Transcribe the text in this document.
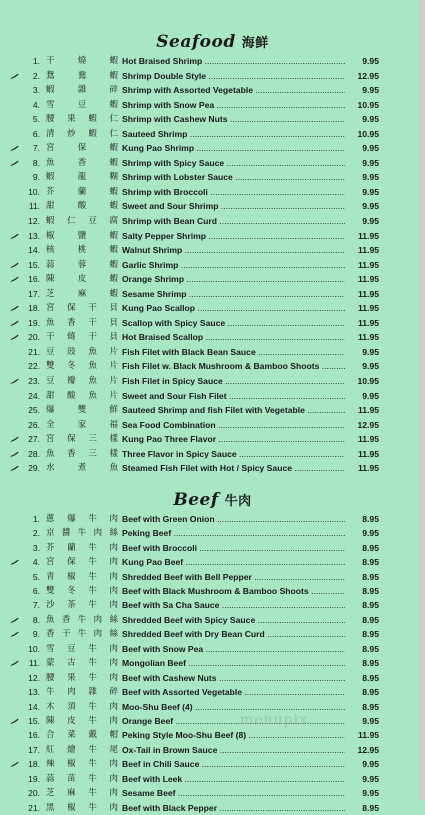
Seafood 海鲜
1. 干	燒	蝦 Hot Braised Shrimp .....	9.95
2. 鴛	鴦	蝦 Shrimp Double Style .....	12.95
3. 蝦	雜	碎 Shrimp with Assorted Vegetable .....	9.95
4. 雪	豆	蝦 Shrimp with Snow Pea .....	10.95
5. 腰 果 蝦 仁 Shrimp with Cashew Nuts .....	9.95
6. 清 炒 蝦 仁 Sauteed Shrimp .....	10.95
7. 宮	保	蝦 Kung Pao Shrimp .....	9.95
8. 魚	香	蝦 Shrimp with Spicy Sauce .....	9.95
9. 蝦	龍	糊 Shrimp with Lobster Sauce .....	9.95
10. 芥	蘭	蝦 Shrimp with Broccoli .....	9.95
11. 甜	酸	蝦 Sweet and Sour Shrimp .....	9.95
12. 蝦 仁 豆 腐 Shrimp with Bean Curd .....	9.95
13. 椒	鹽	蝦 Salty Pepper Shrimp .....	11.95
14. 核	桃	蝦 Walnut Shrimp .....	11.95
15. 蒜	蓉	蝦 Garlic Shrimp .....	11.95
16. 陳	皮	蝦 Orange Shrimp .....	11.95
17. 芝	麻	蝦 Sesame Shrimp .....	11.95
18. 宮 保 干 貝 Kung Pao Scallop .....	11.95
19. 魚 香 干 貝 Scallop with Spicy Sauce .....	11.95
20. 干 燒 干 貝 Hot Braised Scallop .....	11.95
21. 豆 豉 魚 片 Fish Filet with Black Bean Sauce .....	9.95
22. 雙 冬 魚 片 Fish Filet w. Black Mushroom & Bamboo Shoots .....	9.95
23. 豆 瓣 魚 片 Fish Filet in Spicy Sauce .....	10.95
24. 甜 酸 魚 片 Sweet and Sour Fish Filet .....	9.95
25. 爆	雙	鮮 Sauteed Shrimp and fish Filet with Vegetable .....	11.95
26. 全	家	福 Sea Food Combination .....	12.95
27. 宮 保 三 樣 Kung Pao Three Flavor .....	11.95
28. 魚 香 三 樣 Three Flavor in Spicy Sauce .....	11.95
29. 水	煮	魚 Steamed Fish Filet with Hot / Spicy Sauce .....	11.95
Beef 牛肉
1. 蔥 爆 牛 肉 Beef with Green Onion .....	8.95
2. 京 醬 牛 肉 絲 Peking Beef .....	9.95
3. 芥 蘭 牛 肉 Beef with Broccoli .....	8.95
4. 宮 保 牛 肉 Kung Pao Beef .....	8.95
5. 青 椒 牛 肉 Shredded Beef with Bell Pepper .....	8.95
6. 雙 冬 牛 肉 Beef with Black Mushroom & Bamboo Shoots .....	8.95
7. 沙 茶 牛 肉 Beef with Sa Cha Sauce .....	8.95
8. 魚 香 牛 肉 絲 Shredded Beef with Spicy Sauce .....	8.95
9. 香 干 牛 肉 絲 Shredded Beef with Dry Bean Curd .....	8.95
10. 雪 豆 牛 肉 Beef with Snow Pea .....	8.95
11. 蒙 古 牛 肉 Mongolian Beef .....	8.95
12. 腰 果 牛 肉 Beef with Cashew Nuts .....	8.95
13. 牛 肉 雜 碎 Beef with Assorted Vegetable .....	8.95
14. 木 須 牛 肉 Moo-Shu Beef (4) .....	8.95
15. 陳 皮 牛 肉 Orange Beef .....	9.95
16. 合 菜 戴 帽 Peking Style Moo-Shu Beef (8) .....	11.95
17. 紅 燴 牛 尾 Ox-Tail in Brown Sauce .....	12.95
18. 辣 椒 牛 肉 Beef in Chili Sauce .....	9.95
19. 蒜 苗 牛 肉 Beef with Leek .....	9.95
20. 芝 麻 牛 肉 Sesame Beef .....	9.95
21. 黑 椒 牛 肉 Beef with Black Pepper .....	8.95
menupix
